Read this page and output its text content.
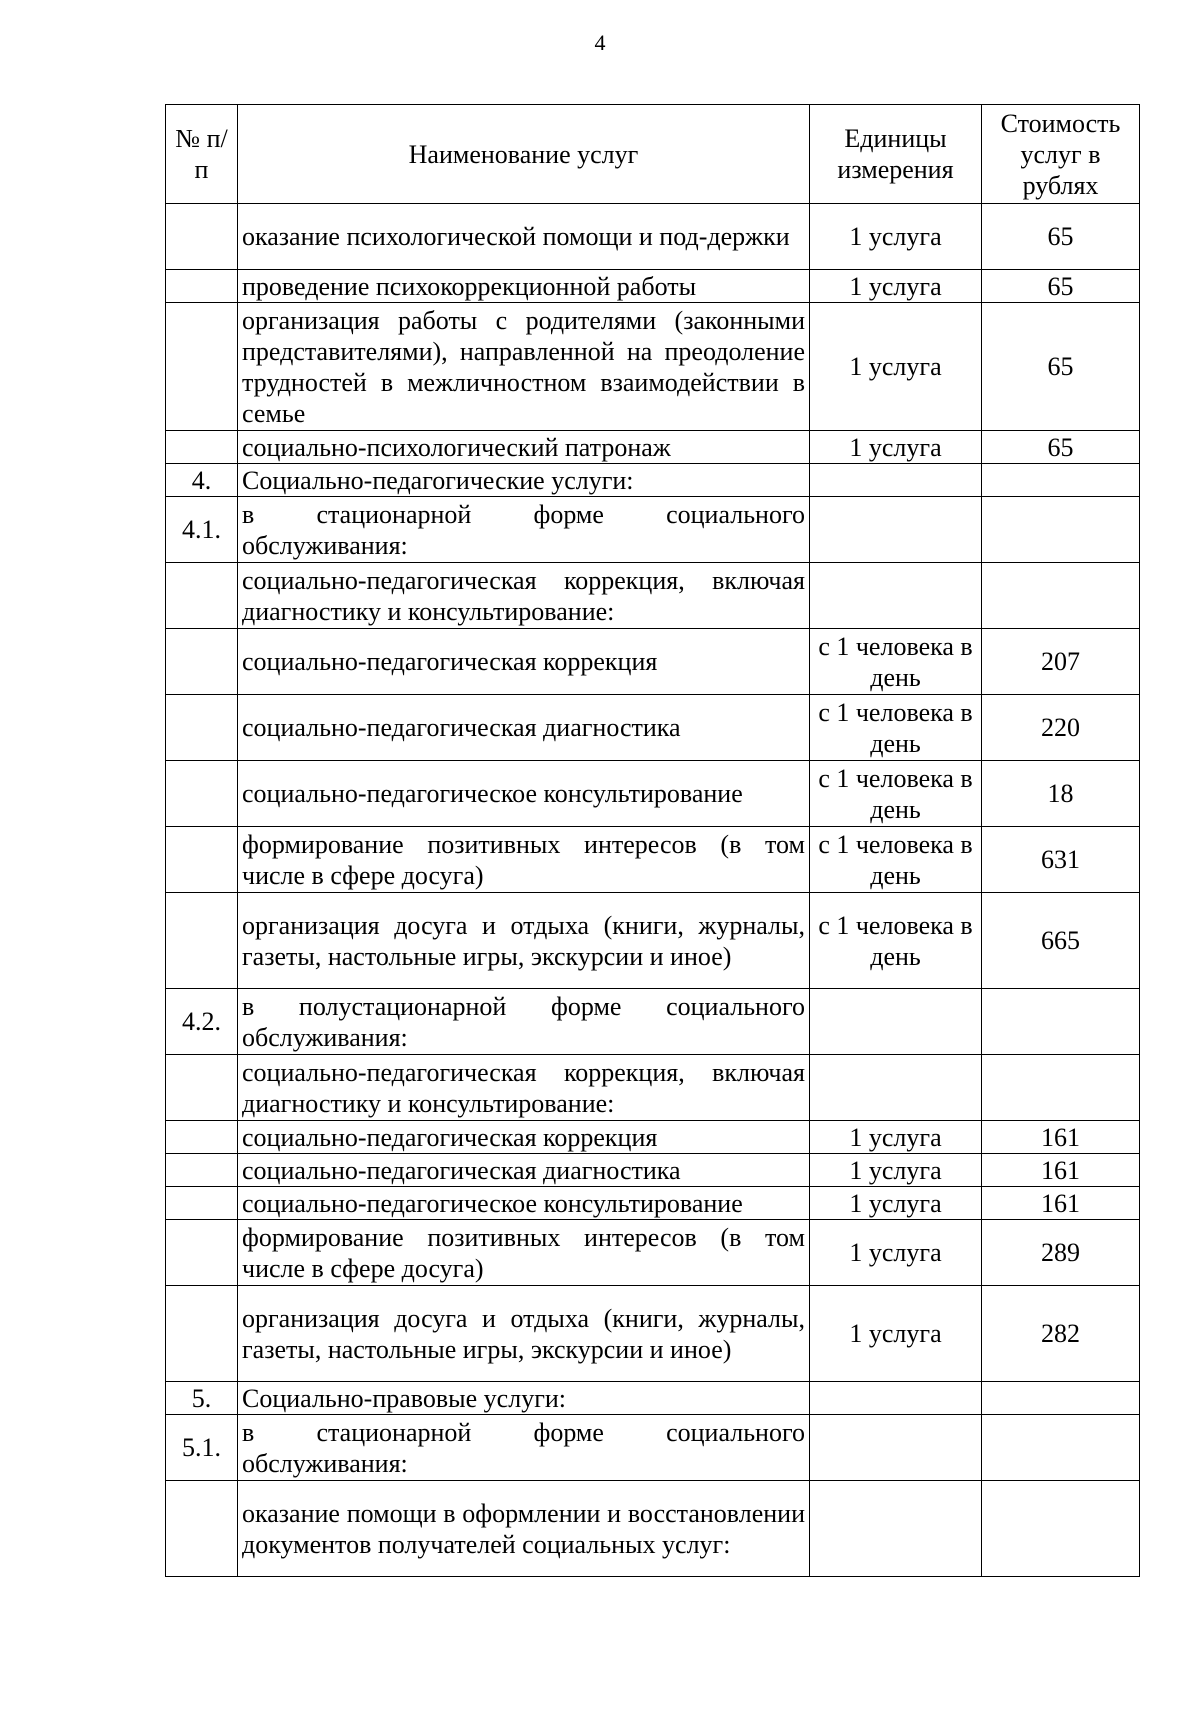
4
№ п/п	Наименование услуг	Единицы измерения	Стоимость услуг в рублях
	оказание психологической помощи и под-держки	1 услуга	65
	проведение психокоррекционной работы	1 услуга	65
	организация работы с родителями (законными представителями), направленной на преодоление трудностей в межличностном взаимодействии в семье	1 услуга	65
	социально-психологический патронаж	1 услуга	65
4.	Социально-педагогические услуги:		
4.1.	в стационарной форме социального обслуживания:		
	социально-педагогическая коррекция, включая диагностику и консультирование:		
	социально-педагогическая коррекция	с 1 человека в день	207
	социально-педагогическая диагностика	с 1 человека в день	220
	социально-педагогическое консультирование	с 1 человека в день	18
	формирование позитивных интересов (в том числе в сфере досуга)	с 1 человека в день	631
	организация досуга и отдыха (книги, журналы, газеты, настольные игры, экскурсии и иное)	с 1 человека в день	665
4.2.	в полустационарной форме социального обслуживания:		
	социально-педагогическая коррекция, включая диагностику и консультирование:		
	социально-педагогическая коррекция	1 услуга	161
	социально-педагогическая диагностика	1 услуга	161
	социально-педагогическое консультирование	1 услуга	161
	формирование позитивных интересов (в том числе в сфере досуга)	1 услуга	289
	организация досуга и отдыха (книги, журналы, газеты, настольные игры, экскурсии и иное)	1 услуга	282
5.	Социально-правовые услуги:		
5.1.	в стационарной форме социального обслуживания:		
	оказание помощи в оформлении и восстановлении документов получателей социальных услуг:		
